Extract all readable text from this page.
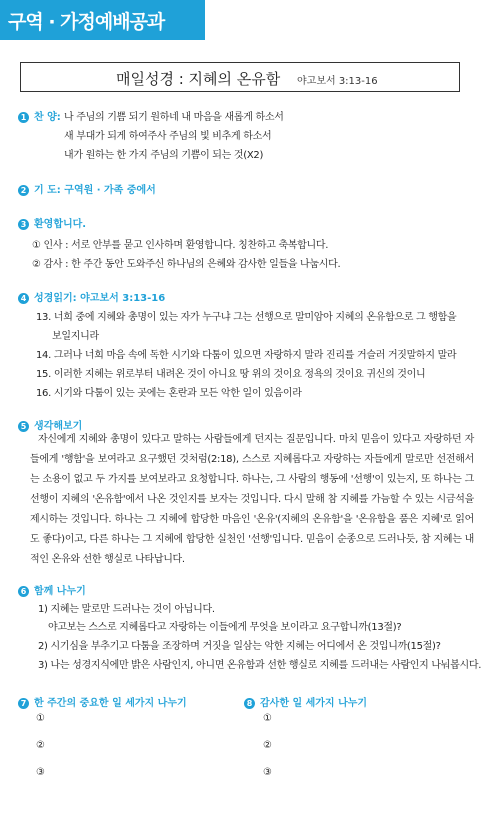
구역 · 가정예배공과
매일성경 : 지혜의 온유함 야고보서 3:13-16
1 찬 양: 나 주님의 기쁨 되기 원하네 내 마음을 새롭게 하소서
새 부대가 되게 하여주사 주님의 빛 비추게 하소서
내가 원하는 한 가지 주님의 기쁨이 되는 것(X2)
2 기 도: 구역원 · 가족 중에서
3 환영합니다.
① 인사 : 서로 안부를 묻고 인사하며 환영합니다. 칭찬하고 축복합니다.
② 감사 : 한 주간 동안 도와주신 하나님의 은혜와 감사한 일들을 나눕시다.
4 성경읽기: 야고보서 3:13-16
13. 너희 중에 지혜와 총명이 있는 자가 누구냐 그는 선행으로 말미암아 지혜의 온유함으로 그 행함을
보일지니라
14. 그러나 너희 마음 속에 독한 시기와 다툼이 있으면 자랑하지 말라 진리를 거슬러 거짓말하지 말라
15. 이러한 지혜는 위로부터 내려온 것이 아니요 땅 위의 것이요 정욕의 것이요 귀신의 것이니
16. 시기와 다툼이 있는 곳에는 혼란과 모든 악한 일이 있음이라
5 생각해보기
자신에게 지혜와 총명이 있다고 말하는 사람들에게 던지는 질문입니다. 마치 믿음이 있다고 자랑하던 자들에게 '행함'을 보여라고 요구했던 것처럼(2:18), 스스로 지혜롭다고 자랑하는 자들에게 말로만 선전해서는 소용이 없고 두 가지를 보여보라고 요청합니다. 하나는, 그 사람의 행동에 '선행'이 있는지, 또 하나는 그 선행이 지혜의 '온유함'에서 나온 것인지를 보자는 것입니다. 다시 말해 참 지혜를 가늠할 수 있는 시금석을 제시하는 것입니다. 하나는 그 지혜에 합당한 마음인 '온유'(지혜의 온유함'을 '온유함을 품은 지혜'로 읽어도 좋다)이고, 다른 하나는 그 지혜에 합당한 실천인 '선행'입니다. 믿음이 순종으로 드러나듯, 참 지혜는 내적인 온유와 선한 행실로 나타납니다.
6 함께 나누기
1) 지혜는 말로만 드러나는 것이 아닙니다.
야고보는 스스로 지혜롭다고 자랑하는 이들에게 무엇을 보이라고 요구합니까(13절)?
2) 시기심을 부추기고 다툼을 조장하며 거짓을 일삼는 악한 지혜는 어디에서 온 것입니까(15절)?
3) 나는 성경지식에만 밝은 사람인지, 아니면 온유함과 선한 행실로 지혜를 드러내는 사람인지 나눠봅시다.
7 한 주간의 중요한 일 세가지 나누기
①
②
③
8 감사한 일 세가지 나누기
①
②
③
